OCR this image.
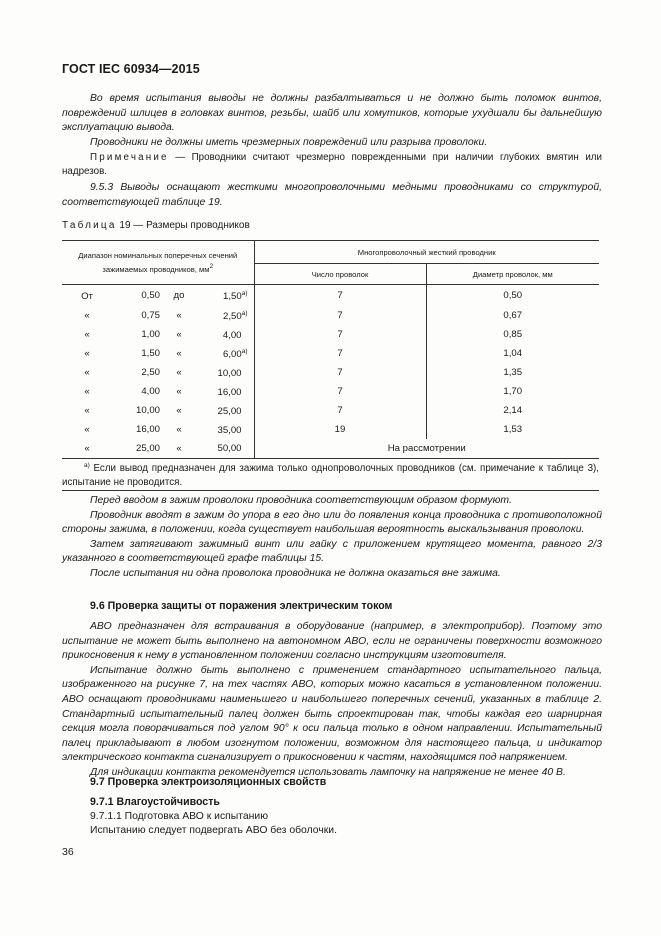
ГОСТ IEC 60934—2015

Во время испытания выводы не должны разбалтываться и не должно быть поломок винтов, повреждений шлицев в головках винтов, резьбы, шайб или хомутиков, которые ухудшали бы дальнейшую эксплуатацию вывода.

Проводники не должны иметь чрезмерных повреждений или разрыва проволоки.

Примечание — Проводники считают чрезмерно поврежденными при наличии глубоких вмятин или надрезов.

9.5.3 Выводы оснащают жесткими многопроволочными медными проводниками со структурой, соответствующей таблице 19.

Таблица 19 — Размеры проводников
Диапазон номинальных поперечных сечений зажимаемых проводников, $мм^2$				Многопроволочный жесткий проводник	
				Число проволок	Диаметр проволок, мм
От	0,50	до	1,50$^{a)}$	7	0,50
«	0,75	«	2,50$^{a)}$	7	0,67
«	1,00	«	4,00	7	0,85
«	1,50	«	6,00$^{a)}$	7	1,04
«	2,50	«	10,00	7	1,35
«	4,00	«	16,00	7	1,70
«	10,00	«	25,00	7	2,14
«	16,00	«	35,00	19	1,53
«	25,00	«	50,00	На рассмотрении	
$^{a)}$ Если вывод предназначен для зажима только однопроволочных проводников (см. примечание к таблице 3), испытание не проводится.					

Перед вводом в зажим проволоки проводника соответствующим образом формуют.

Проводник вводят в зажим до упора в его дно или до появления конца проводника с противоположной стороны зажима, в положении, когда существует наибольшая вероятность выскальзывания проволоки.

Затем затягивают зажимный винт или гайку с приложением крутящего момента, равного 2/3 указанного в соответствующей графе таблицы 15.

После испытания ни одна проволока проводника не должна оказаться вне зажима.

9.6 Проверка защиты от поражения электрическим током

АВО предназначен для встраивания в оборудование (например, в электроприбор). Поэтому это испытание не может быть выполнено на автономном АВО, если не ограничены поверхности возможного прикосновения к нему в установленном положении согласно инструкциям изготовителя.

Испытание должно быть выполнено с применением стандартного испытательного пальца, изображенного на рисунке 7, на тех частях АВО, которых можно касаться в установленном положении. АВО оснащают проводниками наименьшего и наибольшего поперечных сечений, указанных в таблице 2. Стандартный испытательный палец должен быть спроектирован так, чтобы каждая его шарнирная секция могла поворачиваться под углом 90° к оси пальца только в одном направлении. Испытательный палец прикладывают в любом изогнутом положении, возможном для настоящего пальца, и индикатор электрического контакта сигнализирует о прикосновении к частям, находящимся под напряжением.

Для индикации контакта рекомендуется использовать лампочку на напряжение не менее 40 В.

9.7 Проверка электроизоляционных свойств

9.7.1 Влагоустойчивость

9.7.1.1 Подготовка АВО к испытанию

Испытанию следует подвергать АВО без оболочки.

36
